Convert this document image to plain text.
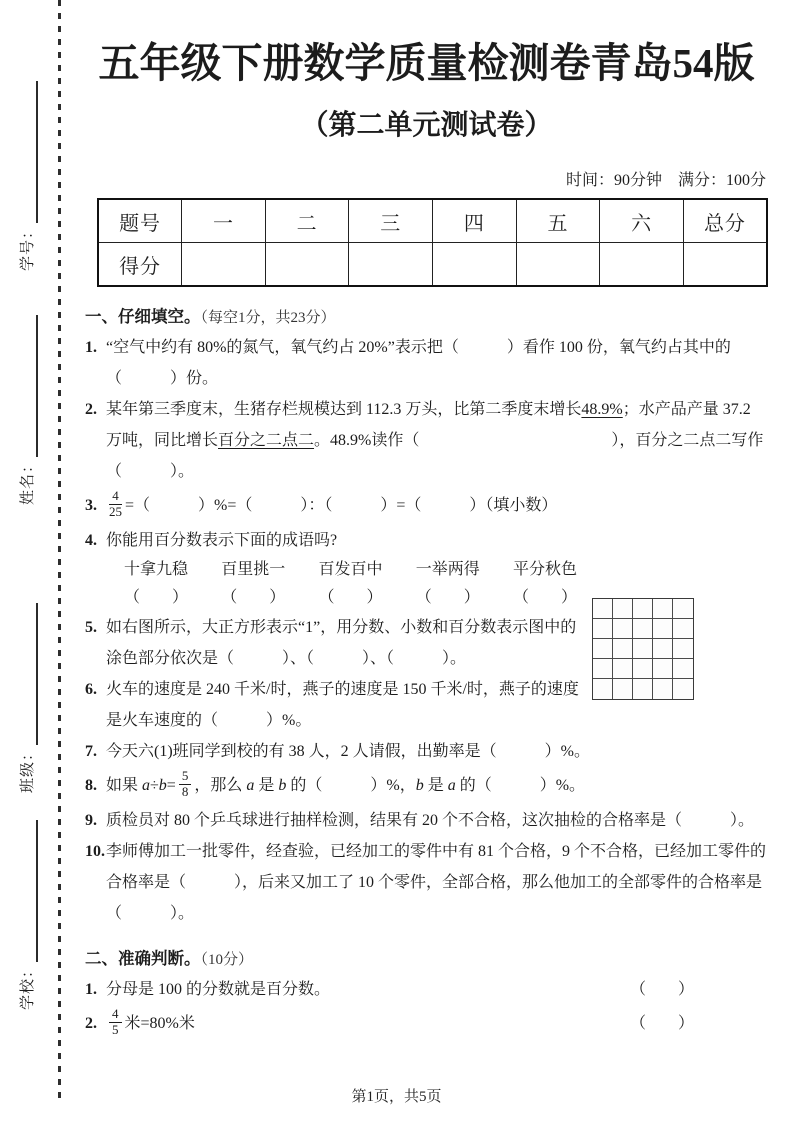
学号：
姓名：
班级：
学校：
五年级下册数学质量检测卷青岛54版
（第二单元测试卷）
时间：90分钟　满分：100分
题号	一	二	三	四	五	六	总分
得分							
一、仔细填空。（每空1分，共23分）
1. “空气中约有 80%的氮气，氧气约占 20%”表示把（　　　）看作 100 份，氧气约占其中的（　　　）份。
2. 某年第三季度末，生猪存栏规模达到 112.3 万头，比第二季度末增长48.9%；水产品产量 37.2 万吨，同比增长百分之二点二。48.9%读作（　　　　　　　　　　　　），百分之二点二写作（　　　）。
3. $\frac{4}{25}$ =（　　　）%=（　　　）：（　　　）=（　　　）（填小数）
4. 你能用百分数表示下面的成语吗?
十拿九稳 百里挑一 百发百中 一举两得 平分秋色
（　　） （　　） （　　） （　　） （　　）
5. 如右图所示，大正方形表示“1”，用分数、小数和百分数表示图中的涂色部分依次是（　　　）、（　　　）、（　　　）。
6. 火车的速度是 240 千米/时，燕子的速度是 150 千米/时，燕子的速度是火车速度的（　　　）%。
7. 今天六(1)班同学到校的有 38 人，2 人请假，出勤率是（　　　）%。
8. 如果 $a\div b= \frac{5}{8}$ ，那么 a 是 b 的（　　　）%，b 是 a 的（　　　）%。
9. 质检员对 80 个乒乓球进行抽样检测，结果有 20 个不合格，这次抽检的合格率是（　　　）。
10. 李师傅加工一批零件，经查验，已经加工的零件中有 81 个合格，9 个不合格，已经加工零件的合格率是（　　　），后来又加工了 10 个零件，全部合格，那么他加工的全部零件的合格率是（　　　）。
二、准确判断。（10分）
1. 分母是 100 的分数就是百分数。	（　　）
2. $\frac{4}{5}$ 米=80%米	（　　）
第1页，共5页
